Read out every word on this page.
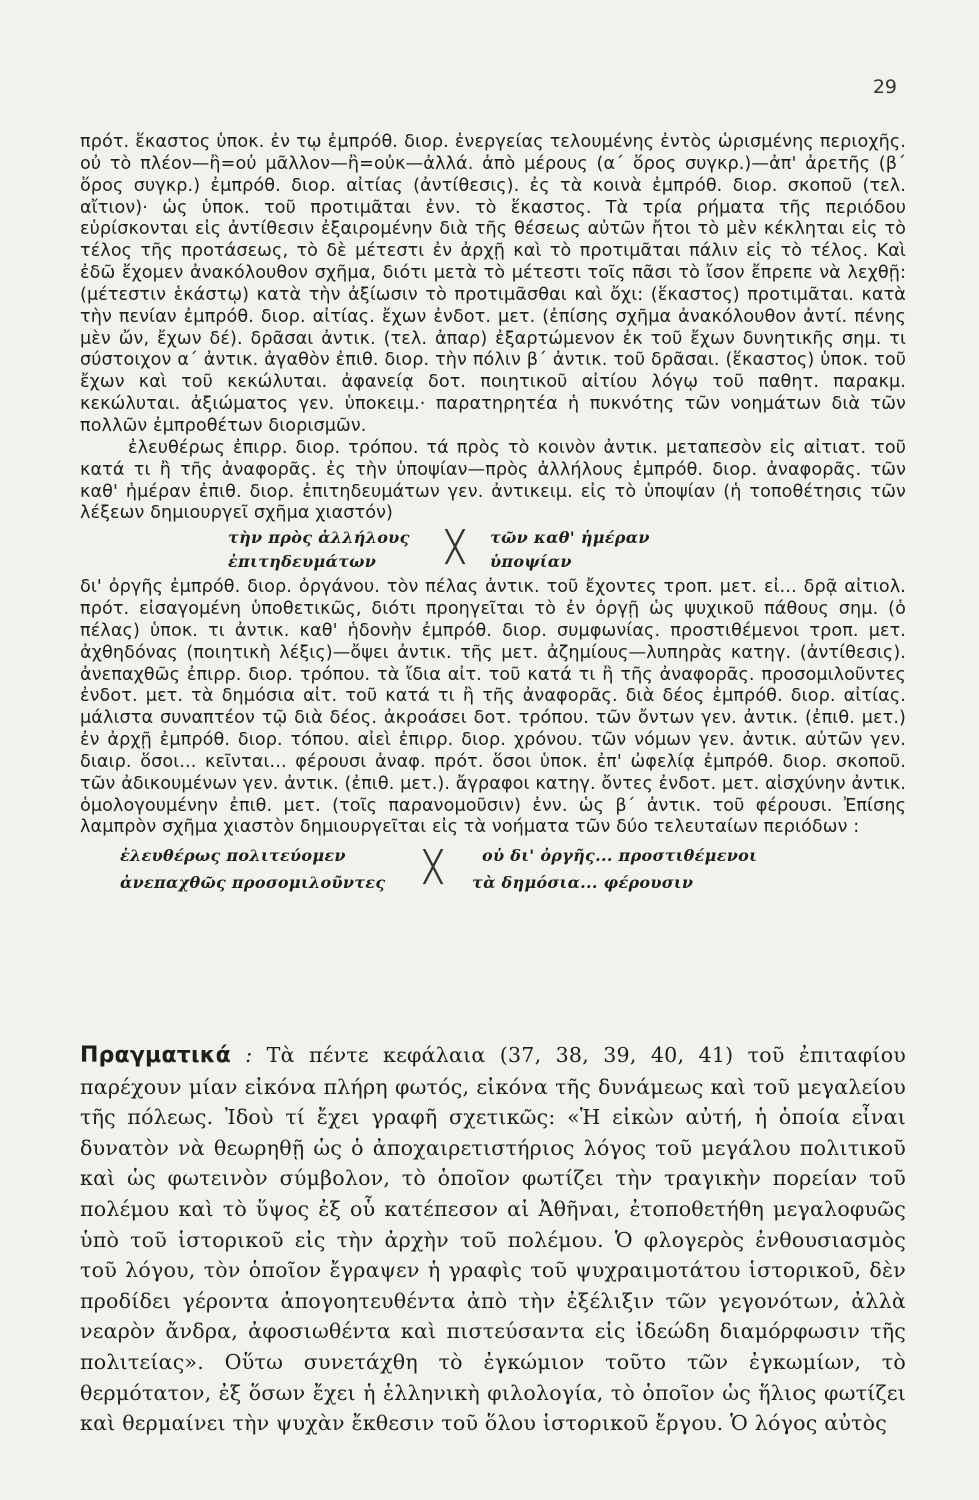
29

πρότ. ἕκαστος ὑποκ. ἐν τῳ ἐμπρόθ. διορ. ἐνεργείας τελουμένης ἐντὸς ὡρισμένης περιοχῆς. οὐ τὸ πλέον—ἢ=οὐ μᾶλλον—ἢ=οὐκ—ἀλλά. ἀπὸ μέρους (α΄ ὅρος συγκρ.)—ἀπ' ἀρετῆς (β΄ ὅρος συγκρ.) ἐμπρόθ. διορ. αἰτίας (ἀντίθεσις). ἐς τὰ κοινὰ ἐμπρόθ. διορ. σκοποῦ (τελ. αἴτιον)· ὡς ὑποκ. τοῦ προτιμᾶται ἐνν. τὸ ἕκαστος. Τὰ τρία ρήματα τῆς περιόδου εὑρίσκονται εἰς ἀντίθεσιν ἐξαιρομένην διὰ τῆς θέσεως αὐτῶν ἤτοι τὸ μὲν κέκληται εἰς τὸ τέλος τῆς προτάσεως, τὸ δὲ μέτεστι ἐν ἀρχῇ καὶ τὸ προτιμᾶται πάλιν εἰς τὸ τέλος. Καὶ ἐδῶ ἔχομεν ἀνακόλουθον σχῆμα, διότι μετὰ τὸ μέτεστι τοῖς πᾶσι τὸ ἴσον ἔπρεπε νὰ λεχθῇ: (μέτεστιν ἑκάστῳ) κατὰ τὴν ἀξίωσιν τὸ προτιμᾶσθαι καὶ ὄχι: (ἕκαστος) προτιμᾶται. κατὰ τὴν πενίαν ἐμπρόθ. διορ. αἰτίας. ἔχων ἐνδοτ. μετ. (ἐπίσης σχῆμα ἀνακόλουθον ἀντί. πένης μὲν ὤν, ἔχων δέ). δρᾶσαι ἀντικ. (τελ. ἀπαρ) ἐξαρτώμενον ἐκ τοῦ ἔχων δυνητικῆς σημ. τι σύστοιχον α΄ ἀντικ. ἀγαθὸν ἐπιθ. διορ. τὴν πόλιν β΄ ἀντικ. τοῦ δρᾶσαι. (ἕκαστος) ὑποκ. τοῦ ἔχων καὶ τοῦ κεκώλυται. ἀφανείᾳ δοτ. ποιητικοῦ αἰτίου λόγῳ τοῦ παθητ. παρακμ. κεκώλυται. ἀξιώματος γεν. ὑποκειμ.· παρατηρητέα ἡ πυκνότης τῶν νοημάτων διὰ τῶν πολλῶν ἐμπροθέτων διορισμῶν.

ἐλευθέρως ἐπιρρ. διορ. τρόπου. τά πρὸς τὸ κοινὸν ἀντικ. μεταπεσὸν εἰς αἰτιατ. τοῦ κατά τι ἢ τῆς ἀναφορᾶς. ἐς τὴν ὑποψίαν—πρὸς ἀλλήλους ἐμπρόθ. διορ. ἀναφορᾶς. τῶν καθ' ἡμέραν ἐπιθ. διορ. ἐπιτηδευμάτων γεν. ἀντικειμ. εἰς τὸ ὑποψίαν (ἡ τοποθέτησις τῶν λέξεων δημιουργεῖ σχῆμα χιαστόν)

τὴν πρὸς ἀλλήλους	τῶν καθ' ἡμέραν
╳
ἐπιτηδευμάτων	ὑποψίαν

δι' ὀργῆς ἐμπρόθ. διορ. ὀργάνου. τὸν πέλας ἀντικ. τοῦ ἔχοντες τροπ. μετ. εἰ... δρᾷ αἰτιολ. πρότ. εἰσαγομένη ὑποθετικῶς, διότι προηγεῖται τὸ ἐν ὀργῇ ὡς ψυχικοῦ πάθους σημ. (ὁ πέλας) ὑποκ. τι ἀντικ. καθ' ἡδονὴν ἐμπρόθ. διορ. συμφωνίας. προστιθέμενοι τροπ. μετ. ἀχθηδόνας (ποιητικὴ λέξις)—ὄψει ἀντικ. τῆς μετ. ἀζημίους—λυπηρὰς κατηγ. (ἀντίθεσις). ἀνεπαχθῶς ἐπιρρ. διορ. τρόπου. τὰ ἴδια αἰτ. τοῦ κατά τι ἢ τῆς ἀναφορᾶς. προσομιλοῦντες ἐνδοτ. μετ. τὰ δημόσια αἰτ. τοῦ κατά τι ἢ τῆς ἀναφορᾶς. διὰ δέος ἐμπρόθ. διορ. αἰτίας. μάλιστα συναπτέον τῷ διὰ δέος. ἀκροάσει δοτ. τρόπου. τῶν ὄντων γεν. ἀντικ. (ἐπιθ. μετ.) ἐν ἀρχῇ ἐμπρόθ. διορ. τόπου. αἰεὶ ἐπιρρ. διορ. χρόνου. τῶν νόμων γεν. ἀντικ. αὐτῶν γεν. διαιρ. ὅσοι... κεῖνται... φέρουσι ἀναφ. πρότ. ὅσοι ὑποκ. ἐπ' ὠφελίᾳ ἐμπρόθ. διορ. σκοποῦ. τῶν ἀδικουμένων γεν. ἀντικ. (ἐπιθ. μετ.). ἄγραφοι κατηγ. ὄντες ἐνδοτ. μετ. αἰσχύνην ἀντικ. ὁμολογουμένην ἐπιθ. μετ. (τοῖς παρανομοῦσιν) ἐνν. ὡς β΄ ἀντικ. τοῦ φέρουσι. Ἐπίσης λαμπρὸν σχῆμα χιαστὸν δημιουργεῖται εἰς τὰ νοήματα τῶν δύο τελευταίων περιόδων :

ἐλευθέρως πολιτεύομεν	οὐ δι' ὀργῆς... προστιθέμενοι
╳
ἀνεπαχθῶς προσομιλοῦντες	τὰ δημόσια... φέρουσιν

Πραγματικά : Τὰ πέντε κεφάλαια (37, 38, 39, 40, 41) τοῦ ἐπιταφίου παρέχουν μίαν εἰκόνα πλήρη φωτός, εἰκόνα τῆς δυνάμεως καὶ τοῦ μεγαλείου τῆς πόλεως. Ἰδοὺ τί ἔχει γραφῆ σχετικῶς: «Ἡ εἰκὼν αὐτή, ἡ ὁποία εἶναι δυνατὸν νὰ θεωρηθῇ ὡς ὁ ἀποχαιρετιστήριος λόγος τοῦ μεγάλου πολιτικοῦ καὶ ὡς φωτεινὸν σύμβολον, τὸ ὁποῖον φωτίζει τὴν τραγικὴν πορείαν τοῦ πολέμου καὶ τὸ ὕψος ἐξ οὗ κατέπεσον αἱ Ἀθῆναι, ἐτοποθετήθη μεγαλοφυῶς ὑπὸ τοῦ ἱστορικοῦ εἰς τὴν ἀρχὴν τοῦ πολέμου. Ὁ φλογερὸς ἐνθουσιασμὸς τοῦ λόγου, τὸν ὁποῖον ἔγραψεν ἡ γραφὶς τοῦ ψυχραιμοτάτου ἱστορικοῦ, δὲν προδίδει γέροντα ἀπογοητευθέντα ἀπὸ τὴν ἐξέλιξιν τῶν γεγονότων, ἀλλὰ νεαρὸν ἄνδρα, ἀφοσιωθέντα καὶ πιστεύσαντα εἰς ἰδεώδη διαμόρφωσιν τῆς πολιτείας». Οὕτω συνετάχθη τὸ ἐγκώμιον τοῦτο τῶν ἐγκωμίων, τὸ θερμότατον, ἐξ ὅσων ἔχει ἡ ἑλληνικὴ φιλολογία, τὸ ὁποῖον ὡς ἥλιος φωτίζει καὶ θερμαίνει τὴν ψυχὰν ἔκθεσιν τοῦ ὅλου ἱστορικοῦ ἔργου. Ὁ λόγος αὐτὸς
